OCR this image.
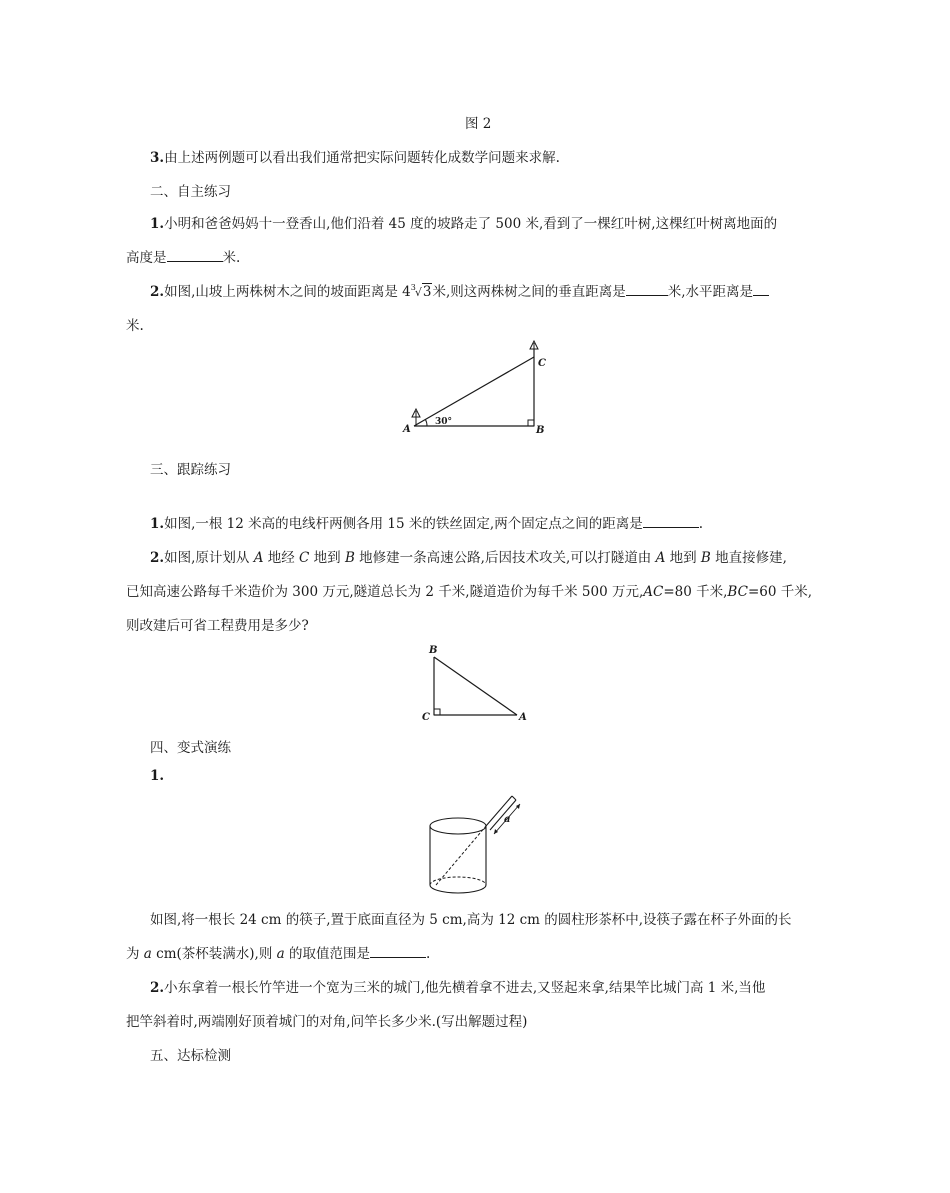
图 2
3.由上述两例题可以看出我们通常把实际问题转化成数学问题来求解.
二、自主练习
1.小明和爸爸妈妈十一登香山,他们沿着 45 度的坡路走了 500 米,看到了一棵红叶树,这棵红叶树离地面的
高度是	米.
2.如图,山坡上两株树木之间的坡面距离是 $4^3√3$米,则这两株树之间的垂直距离是	米,水平距离是
米.
A	B
C
30°
三、跟踪练习
1.如图,一根 12 米高的电线杆两侧各用 15 米的铁丝固定,两个固定点之间的距离是	.
2.如图,原计划从 A 地经 C 地到 B 地修建一条高速公路,后因技术攻关,可以打隧道由 A 地到 B 地直接修建,
已知高速公路每千米造价为 300 万元,隧道总长为 2 千米,隧道造价为每千米 500 万元,AC=80 千米,BC=60 千米,
则改建后可省工程费用是多少?
B
C	A
四、变式演练
1.
a
如图,将一根长 24 cm 的筷子,置于底面直径为 5 cm,高为 12 cm 的圆柱形茶杯中,设筷子露在杯子外面的长
为 a cm(茶杯装满水),则 a 的取值范围是	.
2.小东拿着一根长竹竿进一个宽为三米的城门,他先横着拿不进去,又竖起来拿,结果竿比城门高 1 米,当他
把竿斜着时,两端刚好顶着城门的对角,问竿长多少米.(写出解题过程)
五、达标检测
